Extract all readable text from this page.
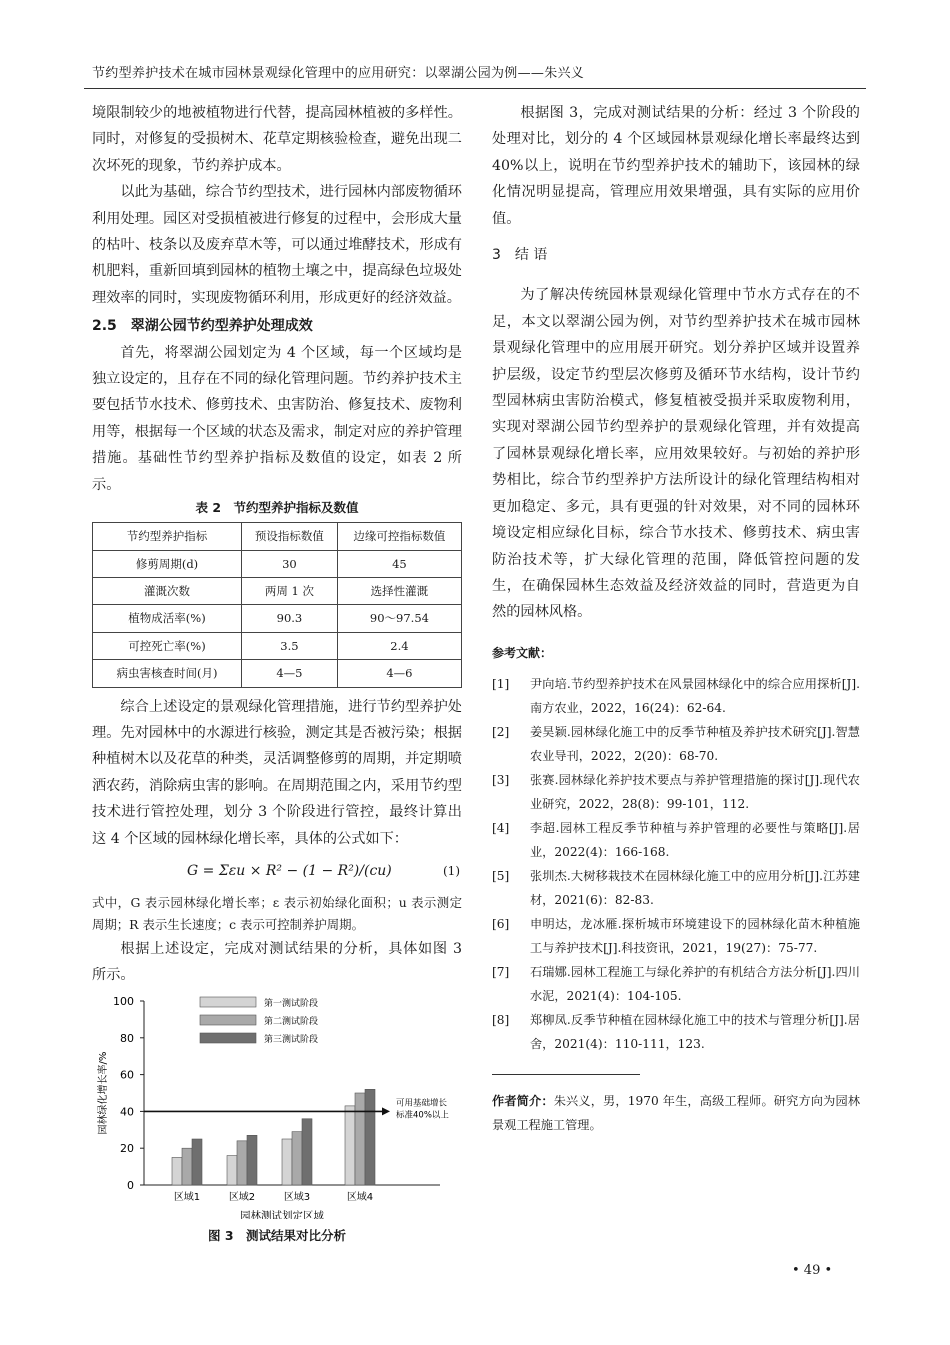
节约型养护技术在城市园林景观绿化管理中的应用研究：以翠湖公园为例——朱兴义

境限制较少的地被植物进行代替，提高园林植被的多样性。同时，对修复的受损树木、花草定期核验检查，避免出现二次坏死的现象，节约养护成本。

以此为基础，综合节约型技术，进行园林内部废物循环利用处理。园区对受损植被进行修复的过程中，会形成大量的枯叶、枝条以及废弃草木等，可以通过堆酵技术，形成有机肥料，重新回填到园林的植物土壤之中，提高绿色垃圾处理效率的同时，实现废物循环利用，形成更好的经济效益。

2.5　翠湖公园节约型养护处理成效

首先，将翠湖公园划定为 4 个区域，每一个区域均是独立设定的，且存在不同的绿化管理问题。节约养护技术主要包括节水技术、修剪技术、虫害防治、修复技术、废物利用等，根据每一个区域的状态及需求，制定对应的养护管理措施。基础性节约型养护指标及数值的设定，如表 2 所示。

表 2　节约型养护指标及数值
节约型养护指标	预设指标数值	边缘可控指标数值
修剪周期(d)	30	45
灌溉次数	两周 1 次	选择性灌溉
植物成活率(%)	90.3	90～97.54
可控死亡率(%)	3.5	2.4
病虫害核查时间(月)	4—5	4—6

综合上述设定的景观绿化管理措施，进行节约型养护处理。先对园林中的水源进行核验，测定其是否被污染；根据种植树木以及花草的种类，灵活调整修剪的周期，并定期喷洒农药，消除病虫害的影响。在周期范围之内，采用节约型技术进行管控处理，划分 3 个阶段进行管控，最终计算出这 4 个区域的园林绿化增长率，具体的公式如下：

G = Σεu × R² − (1 − R²)/(cu)	(1)
式中，G 表示园林绿化增长率；ε 表示初始绿化面积；u 表示测定周期；R 表示生长速度；c 表示可控制养护周期。

根据上述设定，完成对测试结果的分析，具体如图 3 所示。

0
20
40
60
80
100
园林绿化增长率/%
园林测试划定区域
区域1	区域2	区域3	区域4
可用基础增长
标准40%以上
第一测试阶段
第二测试阶段
第三测试阶段
图 3　测试结果对比分析

根据图 3，完成对测试结果的分析：经过 3 个阶段的处理对比，划分的 4 个区域园林景观绿化增长率最终达到 40%以上，说明在节约型养护技术的辅助下，该园林的绿化情况明显提高，管理应用效果增强，具有实际的应用价值。

3　结 语

为了解决传统园林景观绿化管理中节水方式存在的不足，本文以翠湖公园为例，对节约型养护技术在城市园林景观绿化管理中的应用展开研究。划分养护区域并设置养护层级，设定节约型层次修剪及循环节水结构，设计节约型园林病虫害防治模式，修复植被受损并采取废物利用，实现对翠湖公园节约型养护的景观绿化管理，并有效提高了园林景观绿化增长率，应用效果较好。与初始的养护形势相比，综合节约型养护方法所设计的绿化管理结构相对更加稳定、多元，具有更强的针对效果，对不同的园林环境设定相应绿化目标，综合节水技术、修剪技术、病虫害防治技术等，扩大绿化管理的范围，降低管控问题的发生，在确保园林生态效益及经济效益的同时，营造更为自然的园林风格。

参考文献：
[1] 尹向培.节约型养护技术在风景园林绿化中的综合应用探析[J].南方农业，2022，16(24)：62-64.
[2] 姜昊颖.园林绿化施工中的反季节种植及养护技术研究[J].智慧农业导刊，2022，2(20)：68-70.
[3] 张赛.园林绿化养护技术要点与养护管理措施的探讨[J].现代农业研究，2022，28(8)：99-101，112.
[4] 李超.园林工程反季节种植与养护管理的必要性与策略[J].居业，2022(4)：166-168.
[5] 张圳杰.大树移栽技术在园林绿化施工中的应用分析[J].江苏建材，2021(6)：82-83.
[6] 申明达，龙冰雁.探析城市环境建设下的园林绿化苗木种植施工与养护技术[J].科技资讯，2021，19(27)：75-77.
[7] 石瑞娜.园林工程施工与绿化养护的有机结合方法分析[J].四川水泥，2021(4)：104-105.
[8] 郑柳凤.反季节种植在园林绿化施工中的技术与管理分析[J].居舍，2021(4)：110-111，123.
作者简介：朱兴义，男，1970 年生，高级工程师。研究方向为园林景观工程施工管理。
• 49 •
